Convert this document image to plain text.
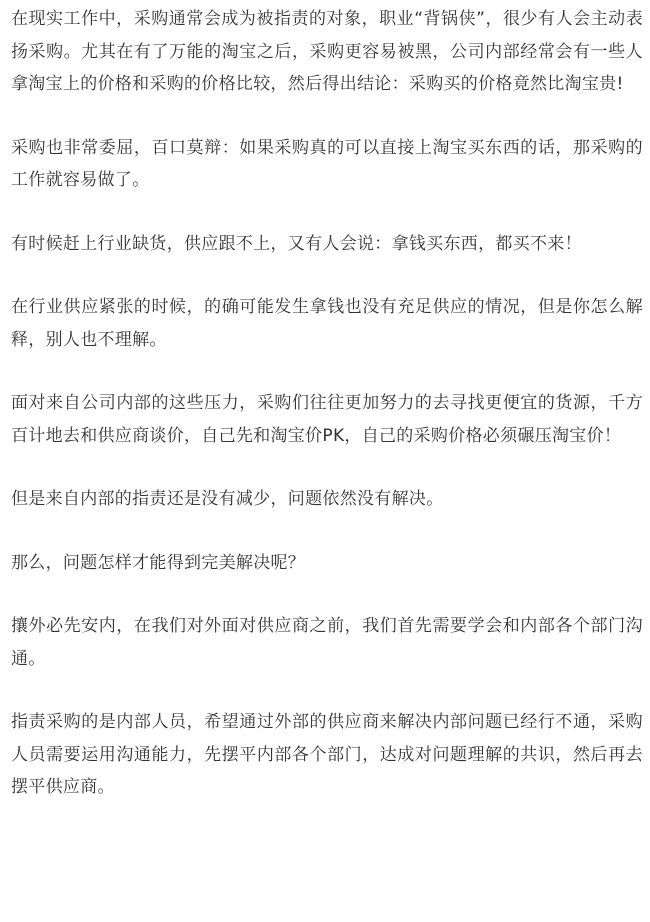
在现实工作中，采购通常会成为被指责的对象，职业“背锅侠”，很少有人会主动表扬采购。尤其在有了万能的淘宝之后，采购更容易被黑，公司内部经常会有一些人拿淘宝上的价格和采购的价格比较，然后得出结论：采购买的价格竟然比淘宝贵!

采购也非常委屈，百口莫辩：如果采购真的可以直接上淘宝买东西的话，那采购的工作就容易做了。

有时候赶上行业缺货，供应跟不上，又有人会说：拿钱买东西，都买不来！

在行业供应紧张的时候，的确可能发生拿钱也没有充足供应的情况，但是你怎么解释，别人也不理解。

面对来自公司内部的这些压力，采购们往往更加努力的去寻找更便宜的货源，千方百计地去和供应商谈价，自己先和淘宝价PK，自己的采购价格必须碾压淘宝价！

但是来自内部的指责还是没有减少，问题依然没有解决。

那么，问题怎样才能得到完美解决呢？

攘外必先安内，在我们对外面对供应商之前，我们首先需要学会和内部各个部门沟通。

指责采购的是内部人员，希望通过外部的供应商来解决内部问题已经行不通，采购人员需要运用沟通能力，先摆平内部各个部门，达成对问题理解的共识，然后再去摆平供应商。
